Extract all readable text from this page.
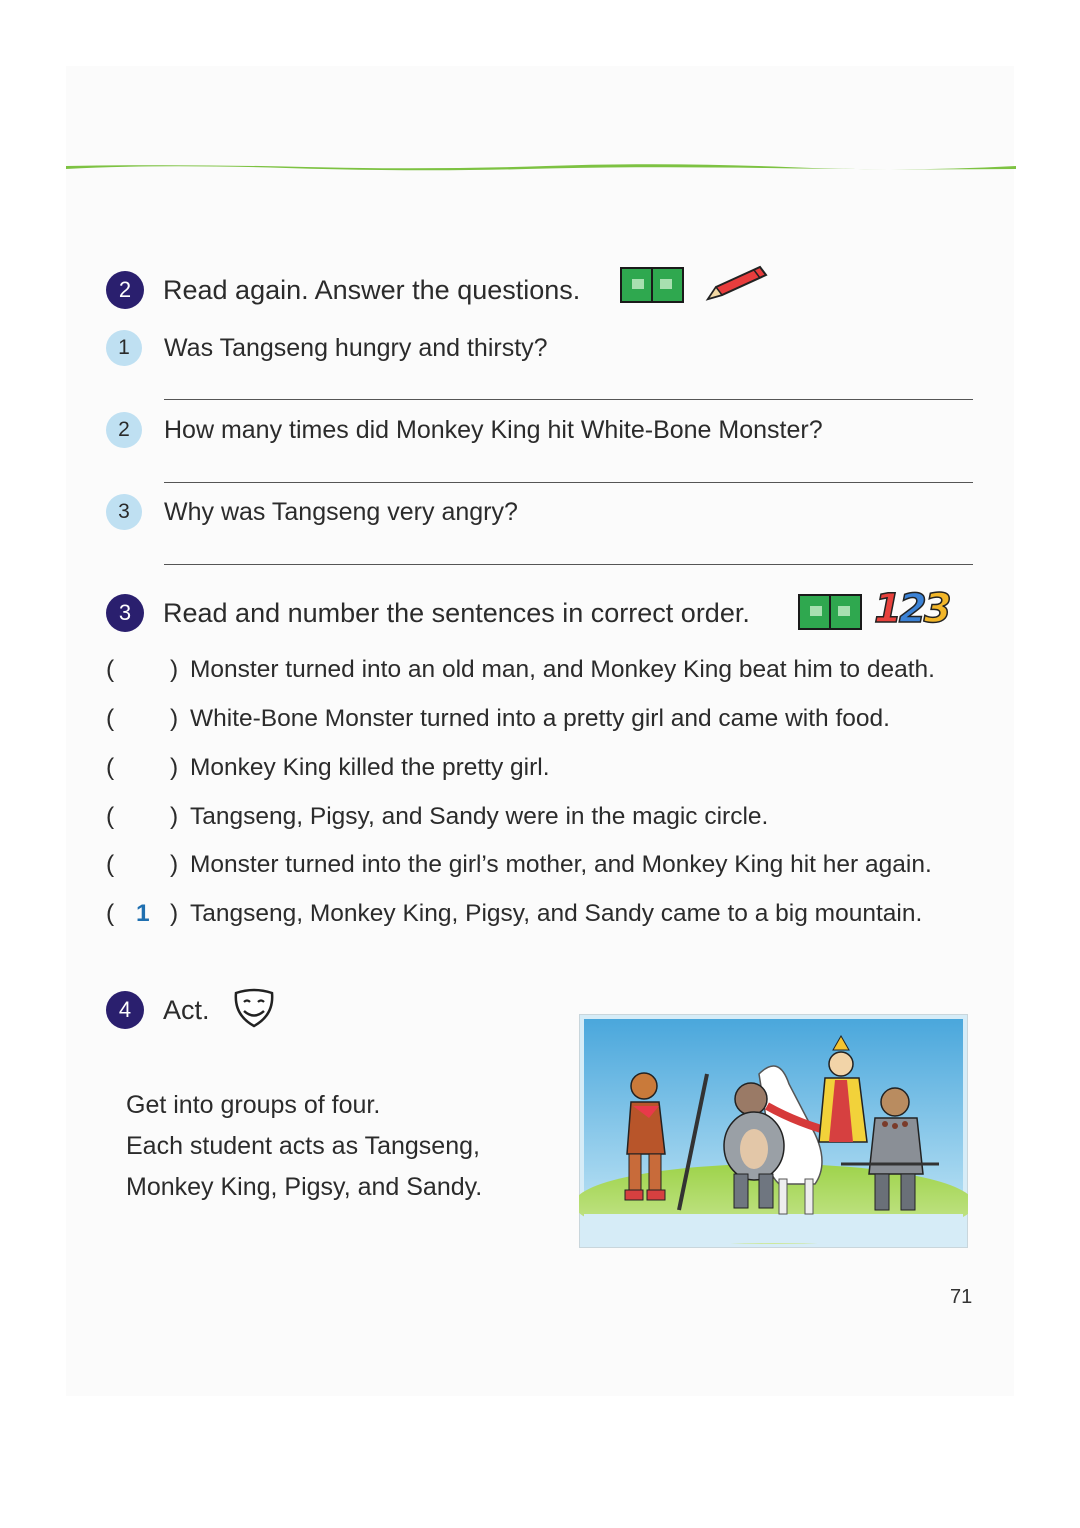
2	Read again. Answer the questions.
1	Was Tangseng hungry and thirsty?
2	How many times did Monkey King hit White-Bone Monster?
3	Why was Tangseng very angry?
3	Read and number the sentences in correct order.	123
( ) Monster turned into an old man, and Monkey King beat him to death.
( ) White-Bone Monster turned into a pretty girl and came with food.
( ) Monkey King killed the pretty girl.
( ) Tangseng, Pigsy, and Sandy were in the magic circle.
( ) Monster turned into the girl’s mother, and Monkey King hit her again.
( 1 ) Tangseng, Monkey King, Pigsy, and Sandy came to a big mountain.
4	Act.
Get into groups of four.
Each student acts as Tangseng,
Monkey King, Pigsy, and Sandy.
71
